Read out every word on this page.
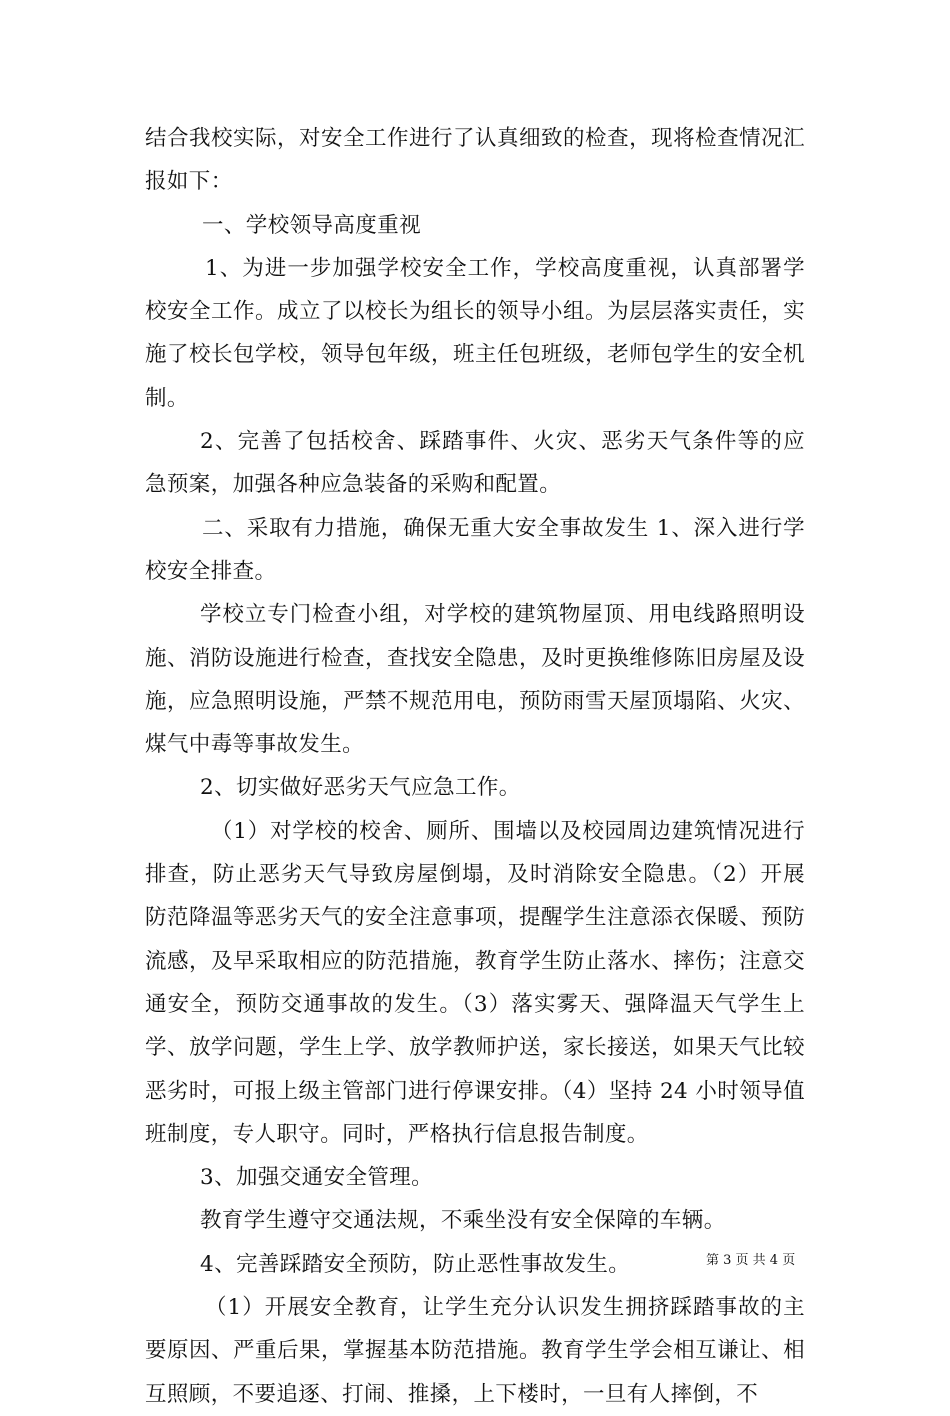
结合我校实际，对安全工作进行了认真细致的检查，现将检查情况汇报如下：

一、学校领导高度重视

1、为进一步加强学校安全工作，学校高度重视，认真部署学校安全工作。成立了以校长为组长的领导小组。为层层落实责任，实施了校长包学校，领导包年级，班主任包班级，老师包学生的安全机制。

2、完善了包括校舍、踩踏事件、火灾、恶劣天气条件等的应急预案，加强各种应急装备的采购和配置。

二、采取有力措施，确保无重大安全事故发生 1、深入进行学校安全排查。

学校立专门检查小组，对学校的建筑物屋顶、用电线路照明设施、消防设施进行检查，查找安全隐患，及时更换维修陈旧房屋及设施，应急照明设施，严禁不规范用电，预防雨雪天屋顶塌陷、火灾、煤气中毒等事故发生。

2、切实做好恶劣天气应急工作。

（1）对学校的校舍、厕所、围墙以及校园周边建筑情况进行排查，防止恶劣天气导致房屋倒塌，及时消除安全隐患。（2）开展防范降温等恶劣天气的安全注意事项，提醒学生注意添衣保暖、预防流感，及早采取相应的防范措施，教育学生防止落水、摔伤；注意交通安全，预防交通事故的发生。（3）落实雾天、强降温天气学生上学、放学问题，学生上学、放学教师护送，家长接送，如果天气比较恶劣时，可报上级主管部门进行停课安排。（4）坚持 24 小时领导值班制度，专人职守。同时，严格执行信息报告制度。

3、加强交通安全管理。

教育学生遵守交通法规，不乘坐没有安全保障的车辆。

4、完善踩踏安全预防，防止恶性事故发生。

（1）开展安全教育，让学生充分认识发生拥挤踩踏事故的主要原因、严重后果，掌握基本防范措施。教育学生学会相互谦让、相互照顾，不要追逐、打闹、推搡，上下楼时，一旦有人摔倒，不

第 3 页 共 4 页
